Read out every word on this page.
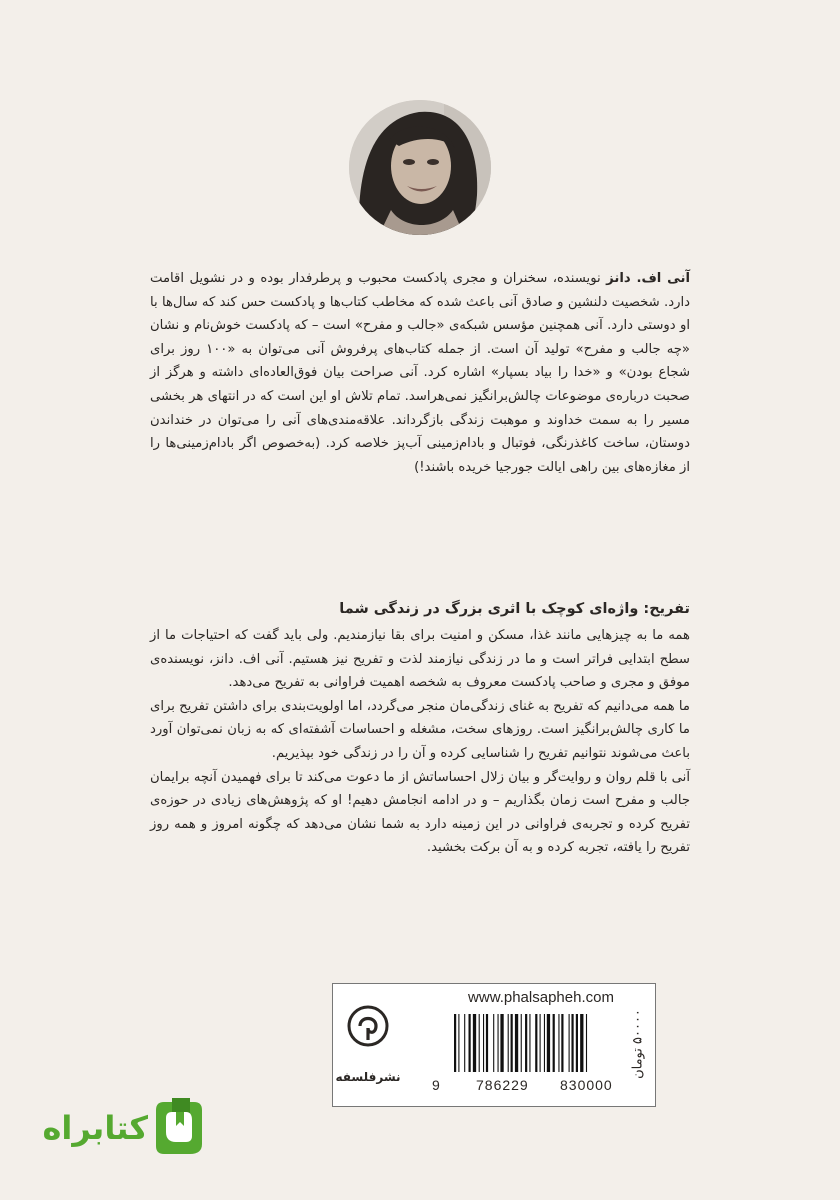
آنی اف. دانز نویسنده، سخنران و مجری پادکست محبوب و پرطرفدار بوده و در نشویل اقامت دارد. شخصیت دلنشین و صادق آنی باعث شده که مخاطب کتاب‌ها و پادکست حس کند که سال‌ها با او دوستی دارد. آنی همچنین مؤسس شبکه‌ی «جالب و مفرح» است – که پادکست خوش‌نام و نشان «چه جالب و مفرح» تولید آن است. از جمله کتاب‌های پرفروش آنی می‌توان به «۱۰۰ روز برای شجاع بودن» و «خدا را بیاد بسپار» اشاره کرد. آنی صراحت بیان فوق‌العاده‌ای داشته و هرگز از صحبت درباره‌ی موضوعات چالش‌برانگیز نمی‌هراسد. تمام تلاش او این است که در انتهای هر بخشی مسیر را به سمت خداوند و موهبت زندگی بازگرداند. علاقه‌مندی‌های آنی را می‌توان در خنداندن دوستان، ساخت کاغذرنگی، فوتبال و بادام‌زمینی آب‌پز خلاصه کرد. (به‌خصوص اگر بادام‌زمینی‌ها را از مغازه‌های بین راهی ایالت جورجیا خریده باشند!)
تفریح: واژه‌ای کوچک با اثری بزرگ در زندگی شما

همه ما به چیزهایی مانند غذا، مسکن و امنیت برای بقا نیازمندیم. ولی باید گفت که احتیاجات ما از سطح ابتدایی فراتر است و ما در زندگی نیازمند لذت و تفریح نیز هستیم. آنی اف. دانز، نویسنده‌ی موفق و مجری و صاحب پادکست معروف به شخصه اهمیت فراوانی به تفریح می‌دهد.

ما همه می‌دانیم که تفریح به غنای زندگی‌مان منجر می‌گردد، اما اولویت‌بندی برای داشتن تفریح برای ما کاری چالش‌برانگیز است. روزهای سخت، مشغله و احساسات آشفته‌ای که به زبان نمی‌توان آورد باعث می‌شوند نتوانیم تفریح را شناسایی کرده و آن را در زندگی خود بپذیریم.

آنی با قلم روان و روایت‌گر و بیان زلال احساساتش از ما دعوت می‌کند تا برای فهمیدن آنچه برایمان جالب و مفرح است زمان بگذاریم – و در ادامه انجامش دهیم! او که پژوهش‌های زیادی در حوزه‌ی تفریح کرده و تجربه‌ی فراوانی در این زمینه دارد به شما نشان می‌دهد که چگونه امروز و همه روز تفریح را یافته، تجربه کرده و به آن برکت بخشید.

نشرفلسفه
www.phalsapheh.com
9	786229 830000
۵۰۰۰۰ تومان
کتابراه
